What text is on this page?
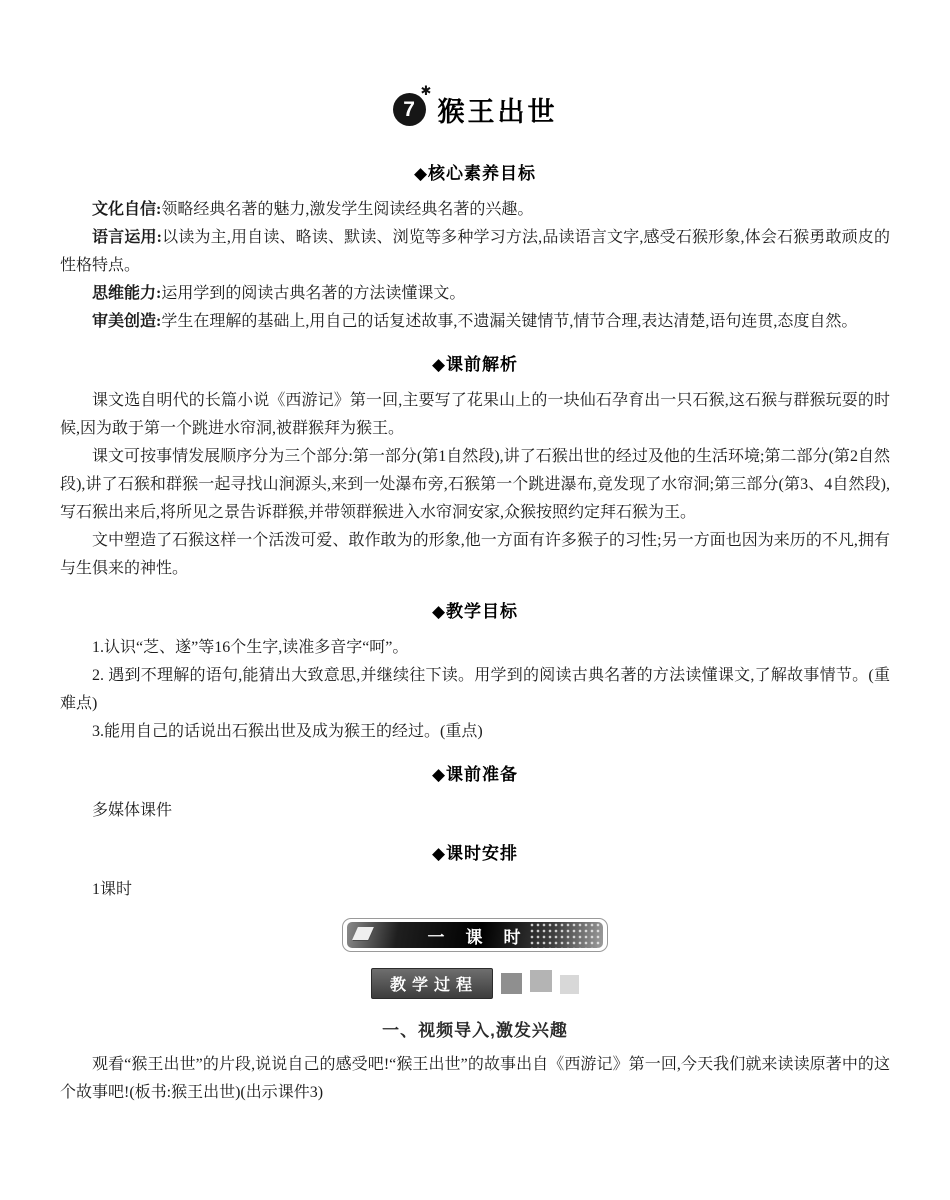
7
✱
猴王出世
◆核心素养目标

文化自信:领略经典名著的魅力,激发学生阅读经典名著的兴趣。

语言运用:以读为主,用自读、略读、默读、浏览等多种学习方法,品读语言文字,感受石猴形象,体会石猴勇敢顽皮的性格特点。

思维能力:运用学到的阅读古典名著的方法读懂课文。

审美创造:学生在理解的基础上,用自己的话复述故事,不遗漏关键情节,情节合理,表达清楚,语句连贯,态度自然。

◆课前解析

课文选自明代的长篇小说《西游记》第一回,主要写了花果山上的一块仙石孕育出一只石猴,这石猴与群猴玩耍的时候,因为敢于第一个跳进水帘洞,被群猴拜为猴王。

课文可按事情发展顺序分为三个部分:第一部分(第1自然段),讲了石猴出世的经过及他的生活环境;第二部分(第2自然段),讲了石猴和群猴一起寻找山涧源头,来到一处瀑布旁,石猴第一个跳进瀑布,竟发现了水帘洞;第三部分(第3、4自然段),写石猴出来后,将所见之景告诉群猴,并带领群猴进入水帘洞安家,众猴按照约定拜石猴为王。

文中塑造了石猴这样一个活泼可爱、敢作敢为的形象,他一方面有许多猴子的习性;另一方面也因为来历的不凡,拥有与生俱来的神性。

◆教学目标

1.认识“芝、遂”等16个生字,读准多音字“呵”。

2. 遇到不理解的语句,能猜出大致意思,并继续往下读。用学到的阅读古典名著的方法读懂课文,了解故事情节。(重难点)

3.能用自己的话说出石猴出世及成为猴王的经过。(重点)

◆课前准备

多媒体课件

◆课时安排

1课时

一　课　时
教学过程
一、视频导入,激发兴趣

观看“猴王出世”的片段,说说自己的感受吧!“猴王出世”的故事出自《西游记》第一回,今天我们就来读读原著中的这个故事吧!(板书:猴王出世)(出示课件3)
